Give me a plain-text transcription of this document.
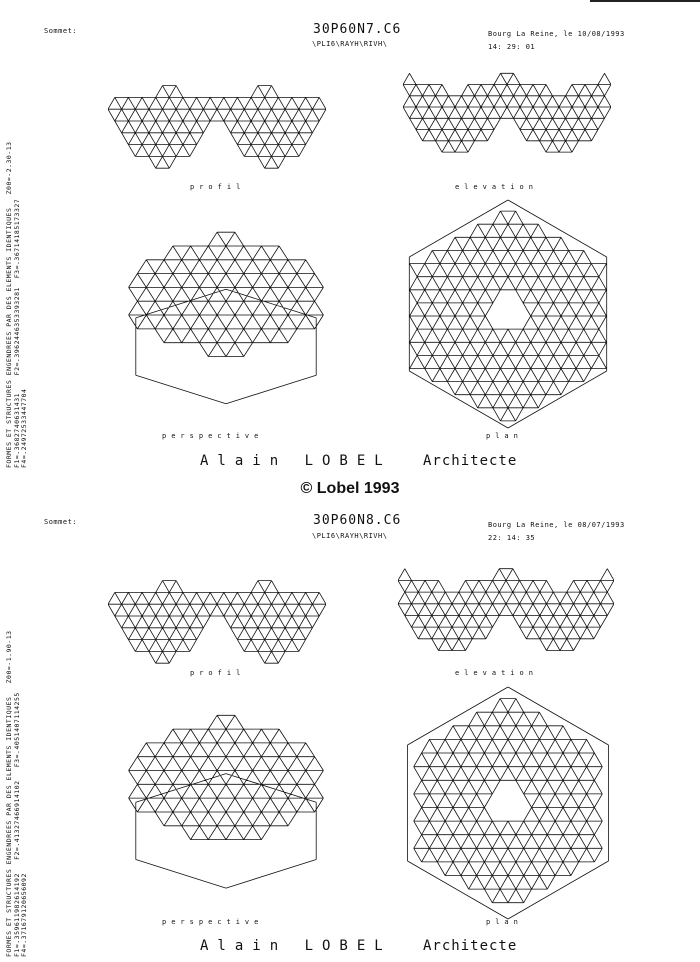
Sommet:	30P60N7.C6
\PLI6\RAYH\RIVH\
Bourg La Reine, le 10/08/1993
14: 29: 01
FORMES ET STRUCTURES ENGENDREES PAR DES ELEMENTS IDENTIQUES   Z00=-2.30-13 F1=.3682740631431    F2=.3962446353393281  F3=.36714185173327 F4=.24972533447704
profil	elevation
perspective	plan
Alain LOBEL Architecte
© Lobel 1993
Sommet:	30P60N8.C6
\PLI6\RAYH\RIVH\
Bourg La Reine, le 08/07/1993
22: 14: 35
FORMES ET STRUCTURES ENGENDREES PAR DES ELEMENTS IDENTIQUES   Z00=-1.90-13 F1=.359611982614192   F2=.41327466914102   F3=.4051407114255 F4=.371679120656092
profil	elevation
perspective	plan
Alain LOBEL Architecte
